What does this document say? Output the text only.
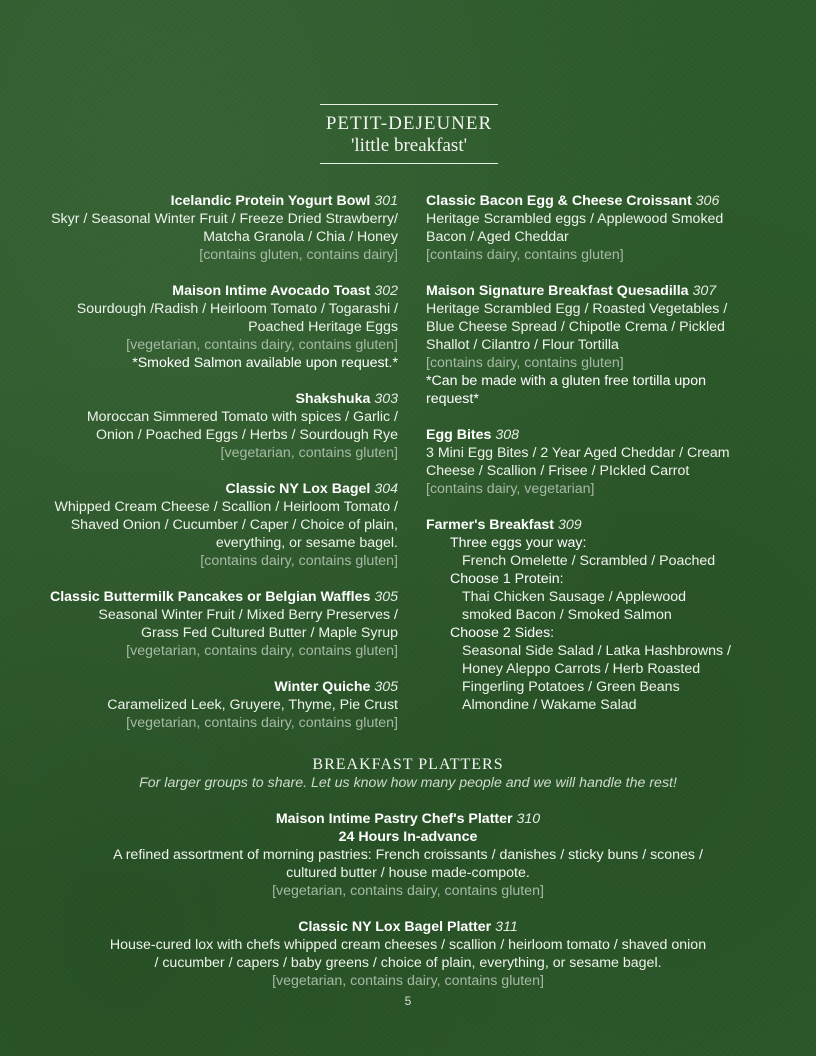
PETIT-DEJEUNER
'little breakfast'
Icelandic Protein Yogurt Bowl 301
Skyr / Seasonal Winter Fruit / Freeze Dried Strawberry/
Matcha Granola / Chia / Honey
[contains gluten, contains dairy]
Maison Intime Avocado Toast 302
Sourdough /Radish / Heirloom Tomato / Togarashi /
Poached Heritage Eggs
[vegetarian, contains dairy, contains gluten]
*Smoked Salmon available upon request.*
Shakshuka 303
Moroccan Simmered Tomato with spices / Garlic /
Onion / Poached Eggs / Herbs / Sourdough Rye
[vegetarian, contains gluten]
Classic NY Lox Bagel 304
Whipped Cream Cheese / Scallion / Heirloom Tomato /
Shaved Onion / Cucumber / Caper / Choice of plain,
everything, or sesame bagel.
[contains dairy, contains gluten]
Classic Buttermilk Pancakes or Belgian Waffles 305
Seasonal Winter Fruit / Mixed Berry Preserves /
Grass Fed Cultured Butter / Maple Syrup
[vegetarian, contains dairy, contains gluten]
Winter Quiche 305
Caramelized Leek, Gruyere, Thyme, Pie Crust
[vegetarian, contains dairy, contains gluten]
Classic Bacon Egg & Cheese Croissant 306
Heritage Scrambled eggs / Applewood Smoked
Bacon / Aged Cheddar
[contains dairy, contains gluten]
Maison Signature Breakfast Quesadilla 307
Heritage Scrambled Egg / Roasted Vegetables /
Blue Cheese Spread / Chipotle Crema / Pickled
Shallot / Cilantro / Flour Tortilla
[contains dairy, contains gluten]
*Can be made with a gluten free tortilla upon
request*
Egg Bites 308
3 Mini Egg Bites / 2 Year Aged Cheddar / Cream
Cheese / Scallion / Frisee / PIckled Carrot
[contains dairy, vegetarian]
Farmer's Breakfast 309
Three eggs your way:
French Omelette / Scrambled / Poached
Choose 1 Protein:
Thai Chicken Sausage / Applewood
smoked Bacon / Smoked Salmon
Choose 2 Sides:
Seasonal Side Salad / Latka Hashbrowns /
Honey Aleppo Carrots / Herb Roasted
Fingerling Potatoes / Green Beans
Almondine / Wakame Salad
BREAKFAST PLATTERS
For larger groups to share. Let us know how many people and we will handle the rest!
Maison Intime Pastry Chef's Platter 310
24 Hours In-advance
A refined assortment of morning pastries: French croissants / danishes / sticky buns / scones /
cultured butter / house made-compote.
[vegetarian, contains dairy, contains gluten]
Classic NY Lox Bagel Platter 311
House-cured lox with chefs whipped cream cheeses / scallion / heirloom tomato / shaved onion
/ cucumber / capers / baby greens / choice of plain, everything, or sesame bagel.
[vegetarian, contains dairy, contains gluten]
5
